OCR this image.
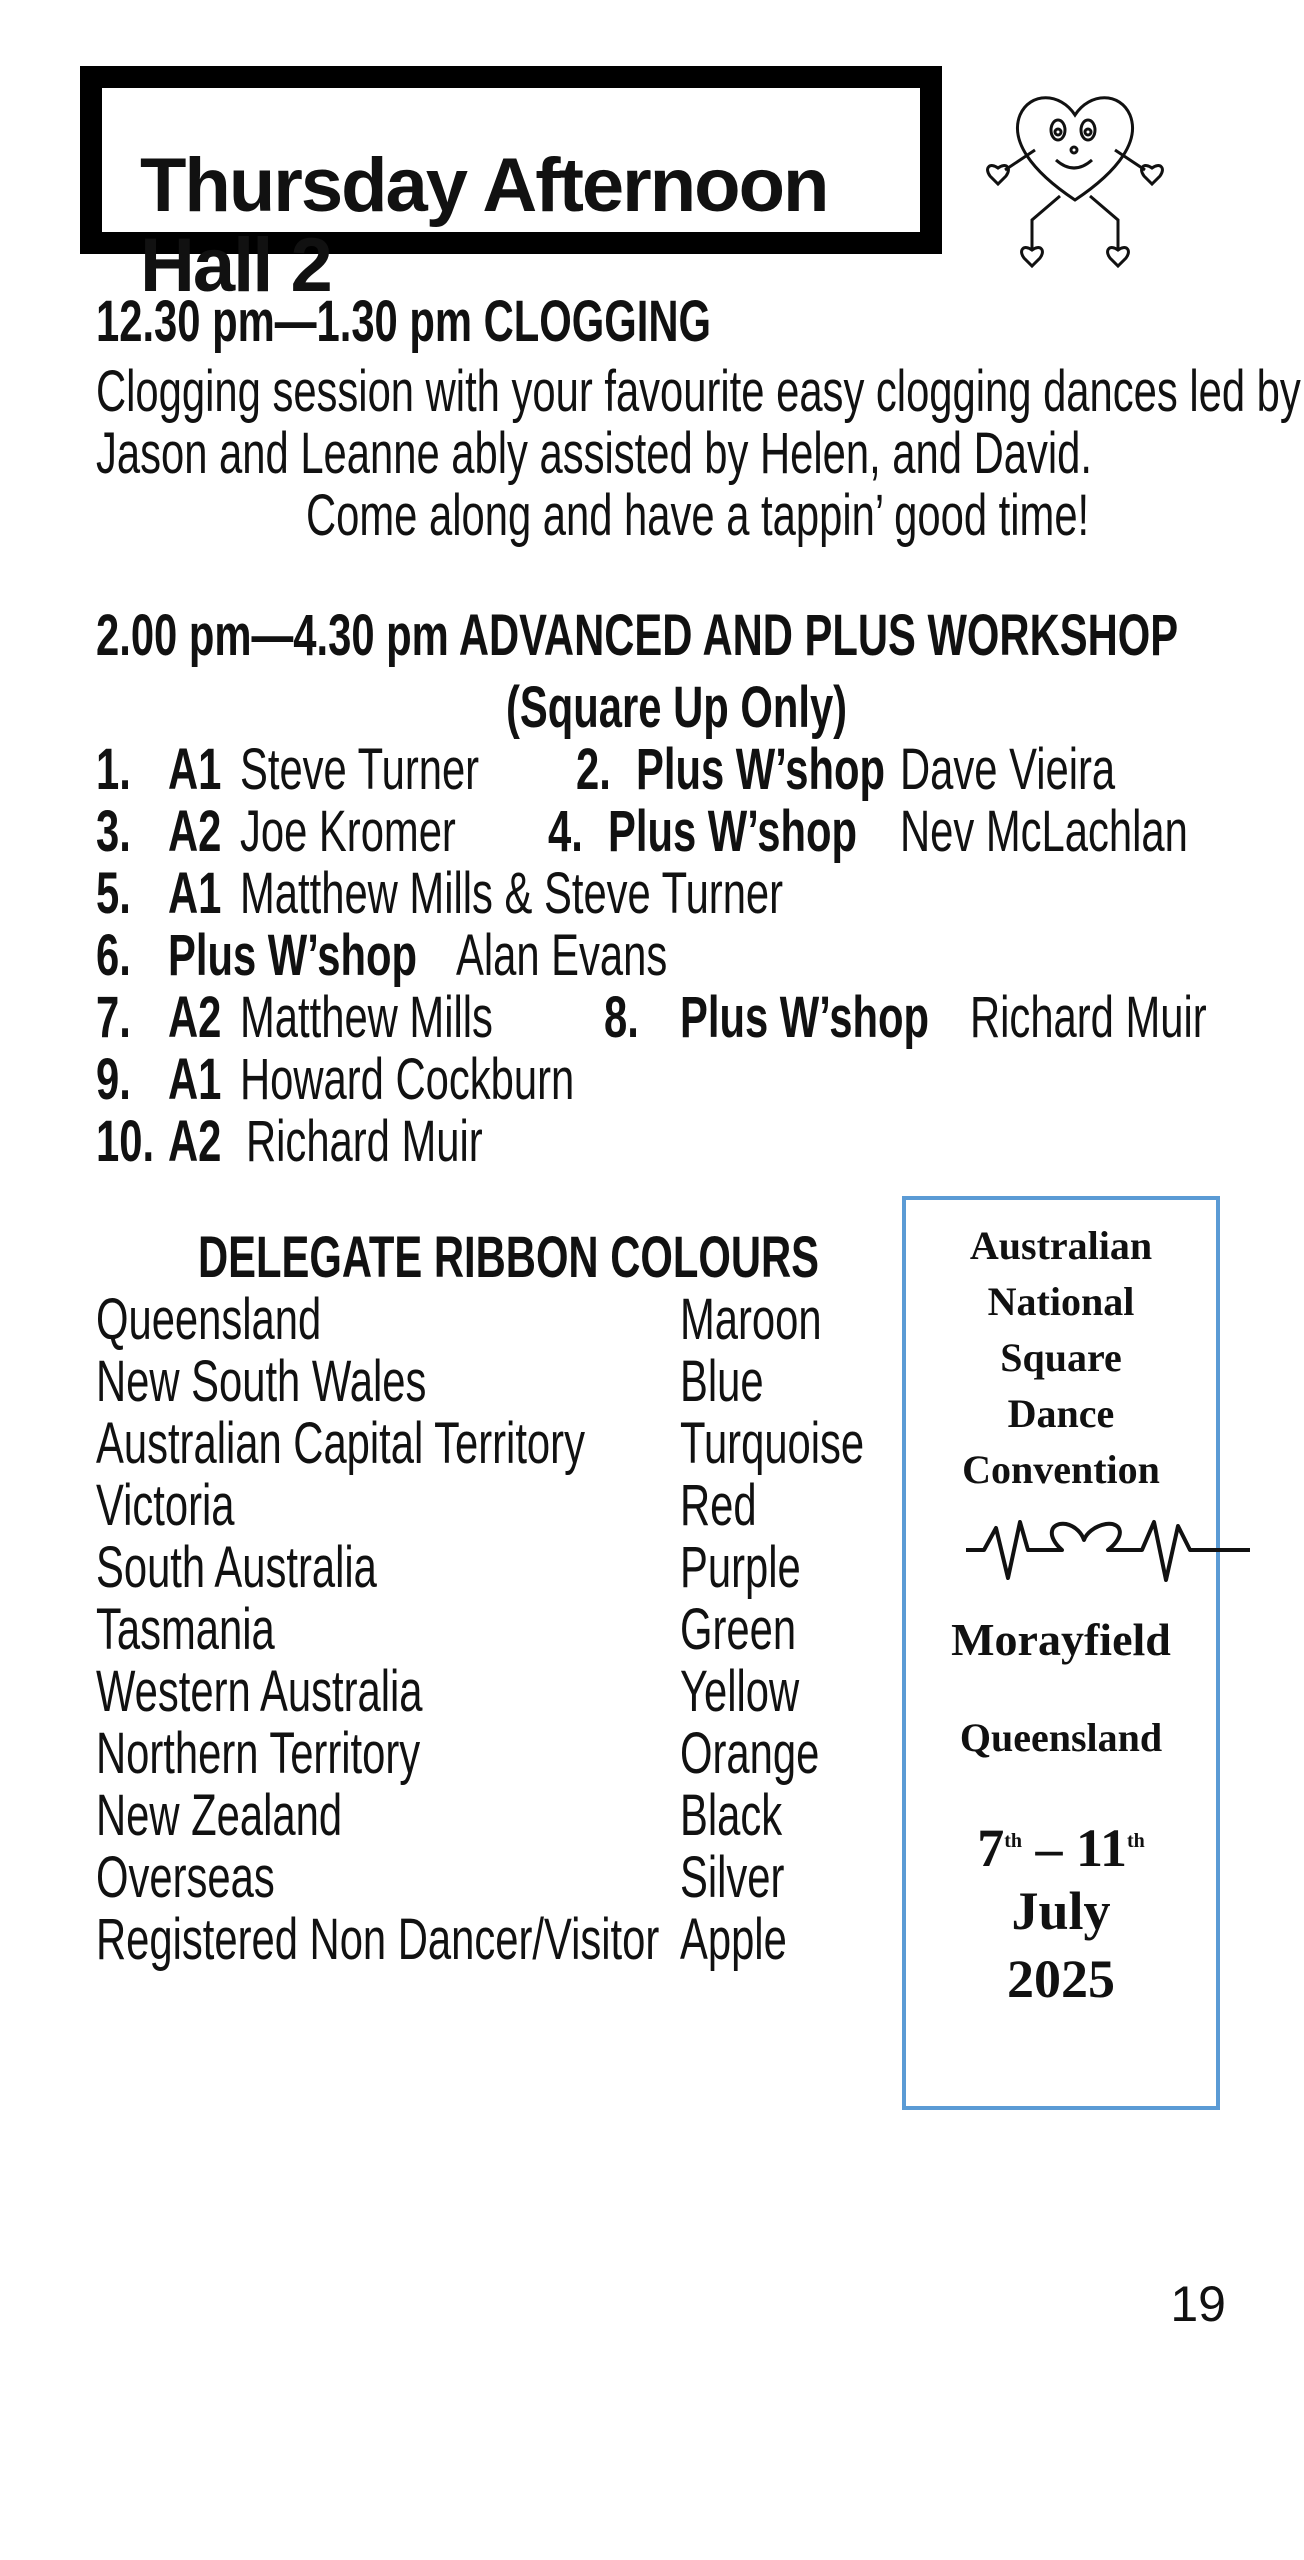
Thursday Afternoon Hall 2
12.30 pm—1.30 pm CLOGGING
Clogging session with your favourite easy clogging dances led by
Jason and Leanne ably assisted by Helen, and David.
Come along and have a tappin’ good time!
2.00 pm—4.30 pm ADVANCED AND PLUS WORKSHOP
(Square Up Only)
1. A1 Steve Turner	2. Plus W’shop Dave Vieira
3. A2 Joe Kromer	4. Plus W’shop Nev McLachlan
5. A1 Matthew Mills & Steve Turner
6. Plus W’shop Alan Evans
7. A2 Matthew Mills	8. Plus W’shop Richard Muir
9. A1 Howard Cockburn
10. A2 Richard Muir
DELEGATE RIBBON COLOURS
Queensland	Maroon
New South Wales	Blue
Australian Capital Territory	Turquoise
Victoria	Red
South Australia	Purple
Tasmania	Green
Western Australia	Yellow
Northern Territory	Orange
New Zealand	Black
Overseas	Silver
Registered Non Dancer/Visitor Apple
Australian
National
Square
Dance
Convention
Morayfield
Queensland
7th – 11th
July
2025
19
